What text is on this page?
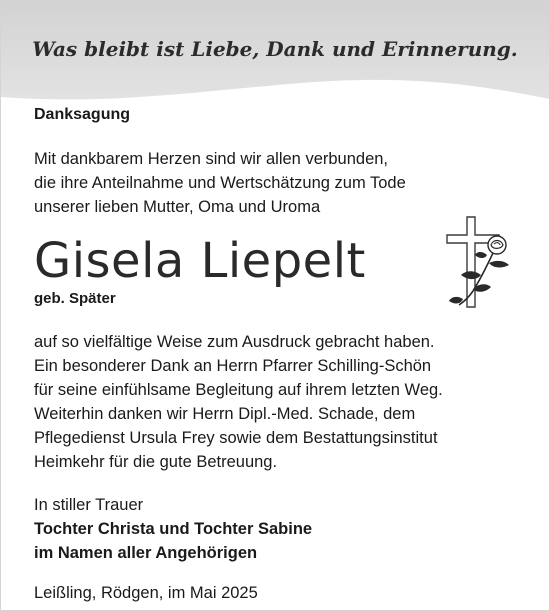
Was bleibt ist Liebe, Dank und Erinnerung.

Danksagung

Mit dankbarem Herzen sind wir allen verbunden,

die ihre Anteilnahme und Wertschätzung zum Tode

unserer lieben Mutter, Oma und Uroma

Gisela Liepelt

geb. Späte​r

auf so vielfältige Weise zum Ausdruck gebracht haben.

Ein besonderer Dank an Herrn Pfarrer Schilling-Schön

für seine einfühlsame Begleitung auf ihrem letzten Weg.

Weiterhin danken wir Herrn Dipl.-Med. Schade, dem

Pflegedienst Ursula Frey sowie dem Bestattungsinstitut

Heimkehr für die gute Betreuung.

In stiller Trauer

Tochter Christa und Tochter Sabine

im Namen aller Angehörigen

Leißling, Rödgen, im Mai 2025
